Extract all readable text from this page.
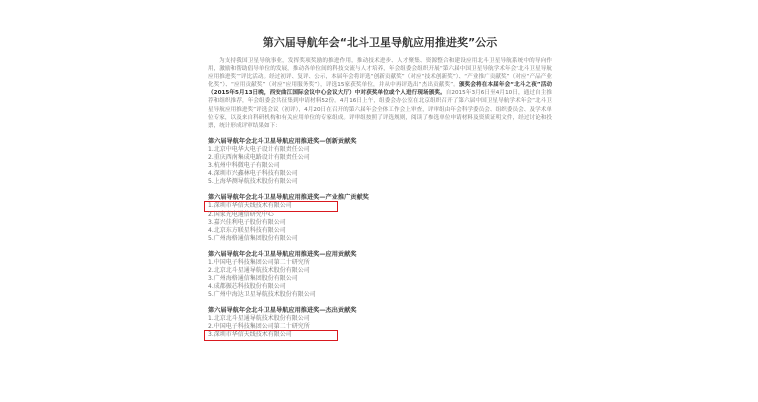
第六届导航年会“北斗卫星导航应用推进奖”公示

为支持我国卫星导航事业，发挥奖项奖励的推进作用，推动技术进步、人才聚集、资源整合和建设应用北斗卫星导航系统中的导向作用，激励和帮助倡导单位的发展，推动各单位间的科技交流与人才培养，年会组委会组织开展“第六届中国卫星导航学术年会‘北斗卫星导航应用推进奖’”评比活动。经过初评、复评、公示，本届年会将评选“创新贡献奖”（对应“技术创新奖”）、“产业推广贡献奖”（对应“产品产业化奖”）、“应用贡献奖”（对应“应用服务奖”），评选15家获奖单位，并从中再评选出“杰出贡献奖”。颁奖会将在本届年会“北斗之夜”活动（2015年5月13日晚，西安曲江国际会议中心会议大厅）中对获奖单位或个人进行现场颁奖。自2015年3月6日至4月10日，通过自主推荐和组织推荐，年会组委会共征集到申请材料52份。4月16日上午，组委会办公室在北京组织召开了第六届中国卫星导航学术年会“北斗卫星导航应用推进奖”评选会议（初评），4月20日在召开的第六届年会全体工作会上审查，评审组由年会科学委员会、组织委员会、及学术单位专家，以及来自科研机构和有关应用单位的专家组成。评审组按照了评选规则，阅读了参选单位申请材料及资质证明文件，经过讨论和投票，统计形成评审结果如下：

第六届导航年会北斗卫星导航应用推进奖—创新贡献奖
1.北京中电华大电子设计有限责任公司
2.重庆西南集成电路设计有限责任公司
3.杭州中科微电子有限公司
4.深圳市兴鑫林电子科技有限公司
5.上海华测导航技术股份有限公司
第六届导航年会北斗卫星导航应用推进奖—产业推广贡献奖
1.深圳市华信天线技术有限公司
2.国家光电通信研究中心
3.嘉兴佳利电子股份有限公司
4.北京东方联星科技有限公司
5.广州海格通信集团股份有限公司
第六届导航年会北斗卫星导航应用推进奖—应用贡献奖
1.中国电子科技集团公司第二十研究所
2.北京北斗星通导航技术股份有限公司
3.广州海格通信集团股份有限公司
4.成都振芯科技股份有限公司
5.广州中海达卫星导航技术股份有限公司
第六届导航年会北斗卫星导航应用推进奖—杰出贡献奖
1.北京北斗星通导航技术股份有限公司
2.中国电子科技集团公司第二十研究所
3.深圳市华信天线技术有限公司
